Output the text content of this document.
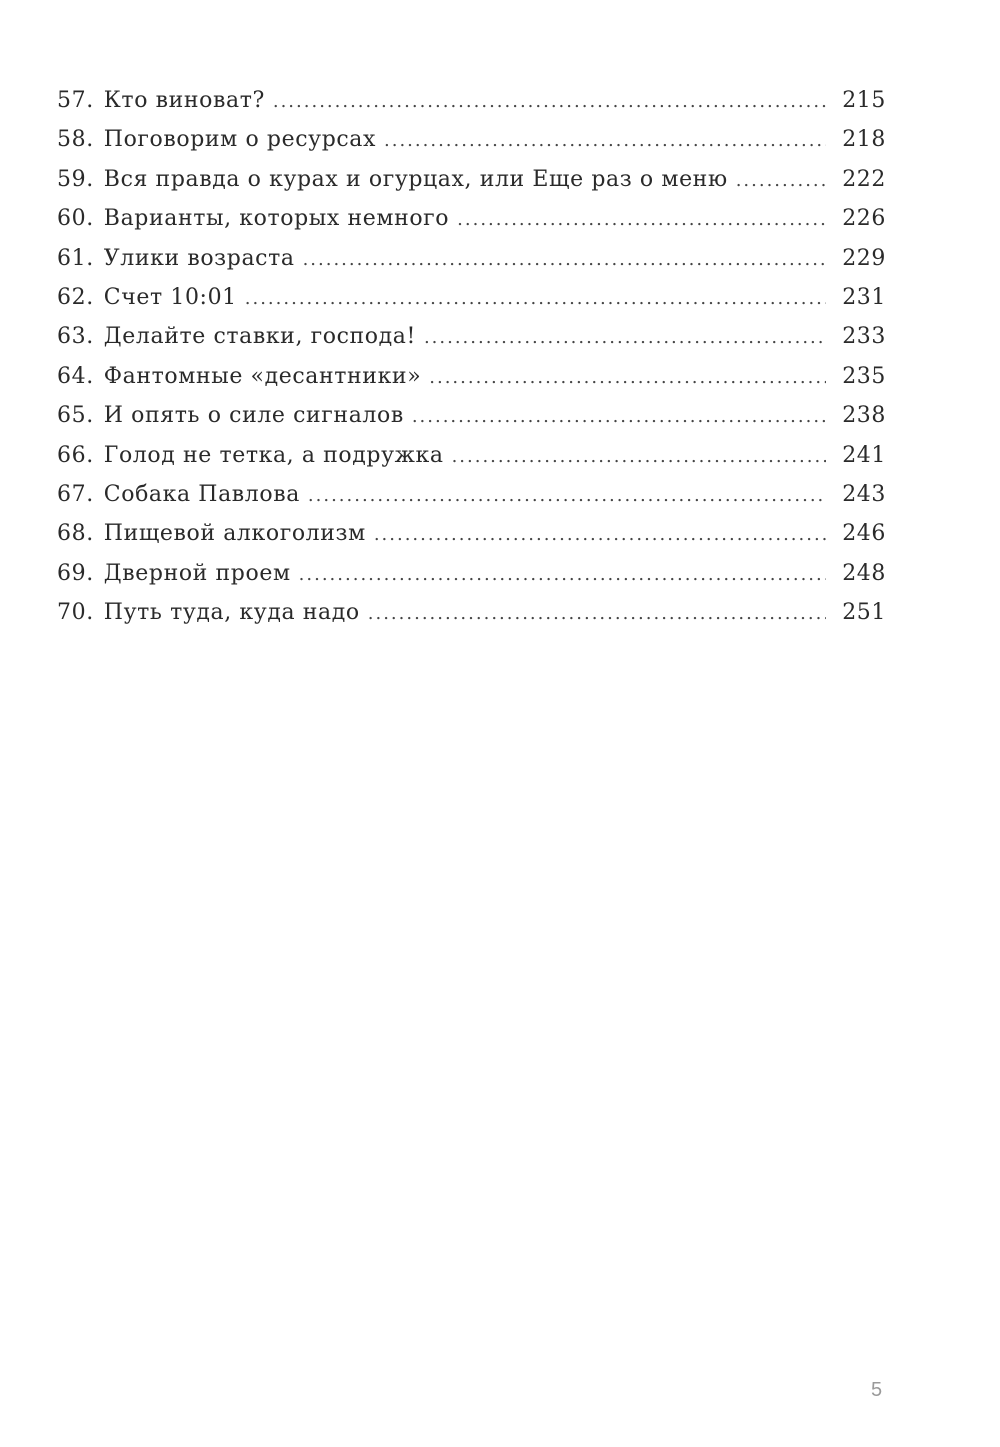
57. Кто виноват? .....	215
58. Поговорим о ресурсах .....	218
59. Вся правда о курах и огурцах, или Еще раз о меню .....	222
60. Варианты, которых немного .....	226
61. Улики возраста .....	229
62. Счет 10:01 .....	231
63. Делайте ставки, господа! .....	233
64. Фантомные «десантники» .....	235
65. И опять о силе сигналов .....	238
66. Голод не тетка, а подружка .....	241
67. Собака Павлова .....	243
68. Пищевой алкоголизм .....	246
69. Дверной проем .....	248
70. Путь туда, куда надо .....	251
5
